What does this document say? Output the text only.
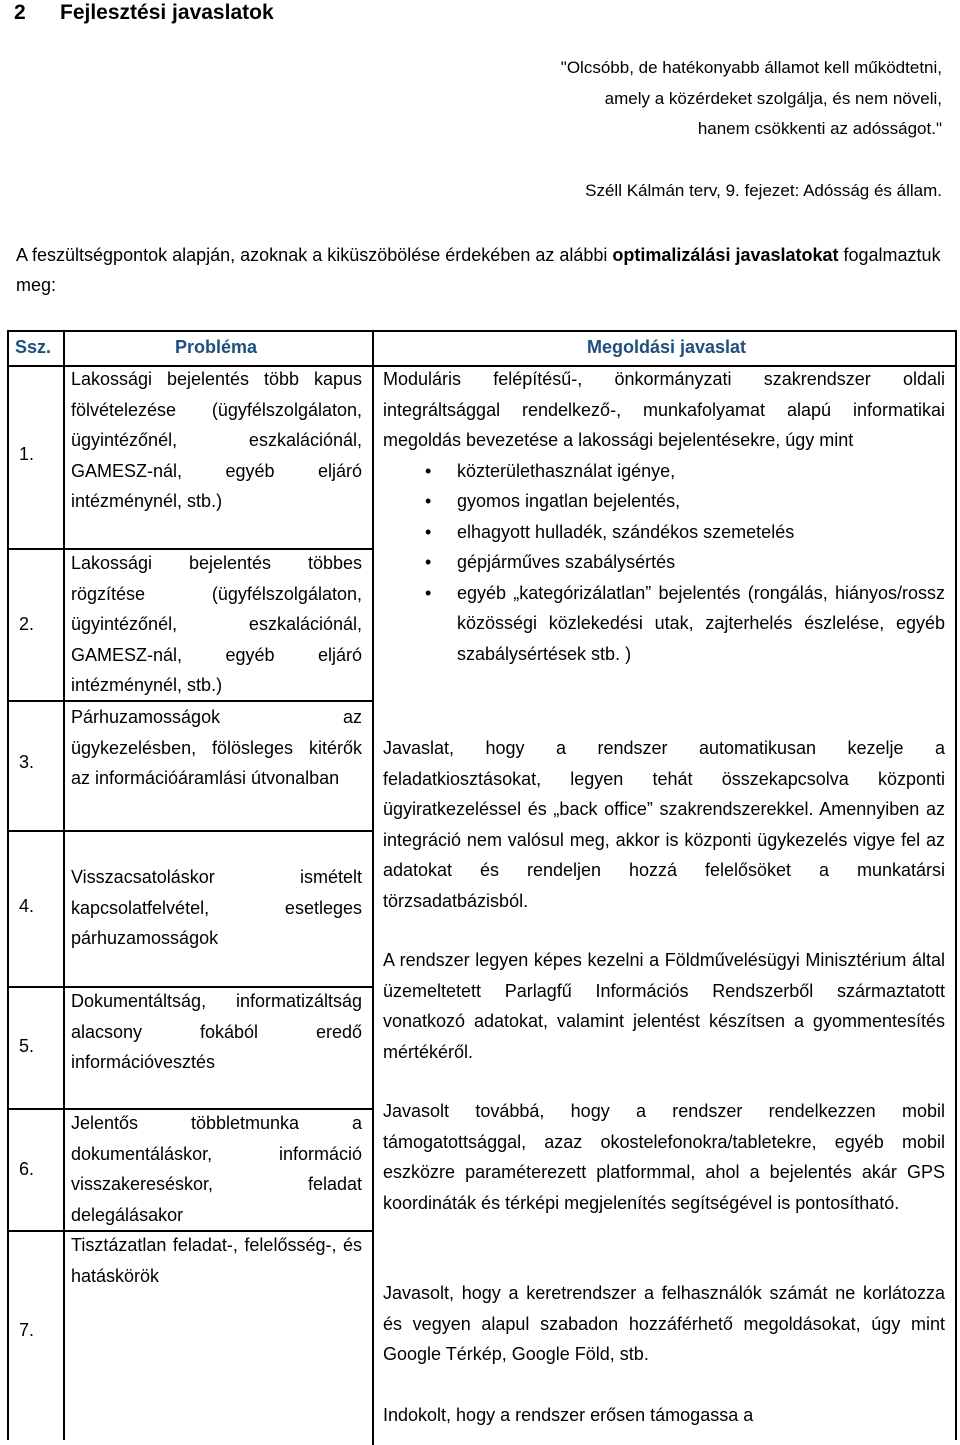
2 Fejlesztési javaslatok
"Olcsóbb, de hatékonyabb államot kell működtetni,
amely a közérdeket szolgálja, és nem növeli,
hanem csökkenti az adósságot."
Széll Kálmán terv, 9. fejezet: Adósság és állam.
A feszültségpontok alapján, azoknak a kiküszöbölése érdekében az alábbi optimalizálási javaslatokat fogalmaztuk meg:
Ssz.	Probléma	Megoldási javaslat
1.
2.
3.
4.
5.
6.
7.
Lakossági bejelentés több kapus fölvételezése (ügyfélszolgálaton, ügyintézőnél, eszkalációnál, GAMESZ-nál, egyéb eljáró intézménynél, stb.)
Lakossági bejelentés többes rögzítése (ügyfélszolgálaton, ügyintézőnél, eszkalációnál, GAMESZ-nál, egyéb eljáró intézménynél, stb.)
Párhuzamosságok az ügykezelésben, fölösleges kitérők az információáramlási útvonalban
Visszacsatoláskor ismételt kapcsolatfelvétel, esetleges párhuzamosságok
Dokumentáltság, informatizáltság alacsony fokából eredő információvesztés
Jelentős többletmunka a dokumentáláskor, információ visszakereséskor, feladat delegálásakor
Tisztázatlan feladat-, felelősség-, és hatáskörök

Moduláris felépítésű-, önkormányzati szakrendszer oldali integráltsággal rendelkező-, munkafolyamat alapú informatikai megoldás bevezetése a lakossági bejelentésekre, úgy mint

• közterülethasználat igénye,
• gyomos ingatlan bejelentés,
• elhagyott hulladék, szándékos szemetelés
• gépjárműves szabálysértés
• egyéb „kategórizálatlan” bejelentés (rongálás, hiányos/rossz közösségi közlekedési utak, zajterhelés észlelése, egyéb szabálysértések stb. )

Javaslat, hogy a rendszer automatikusan kezelje a feladatkiosztásokat, legyen tehát összekapcsolva központi ügyiratkezeléssel és „back office” szakrendszerekkel. Amennyiben az integráció nem valósul meg, akkor is központi ügykezelés vigye fel az adatokat és rendeljen hozzá felelősöket a munkatársi törzsadatbázisból.

A rendszer legyen képes kezelni a Földművelésügyi Minisztérium által üzemeltetett Parlagfű Információs Rendszerből származtatott vonatkozó adatokat, valamint jelentést készítsen a gyommentesítés mértékéről.

Javasolt továbbá, hogy a rendszer rendelkezzen mobil támogatottsággal, azaz okostelefonokra/tabletekre, egyéb mobil eszközre paraméterezett platformmal, ahol a bejelentés akár GPS koordináták és térképi megjelenítés segítségével is pontosítható.

Javasolt, hogy a keretrendszer a felhasználók számát ne korlátozza és vegyen alapul szabadon hozzáférhető megoldásokat, úgy mint Google Térkép, Google Föld, stb.

Indokolt, hogy a rendszer erősen támogassa a
